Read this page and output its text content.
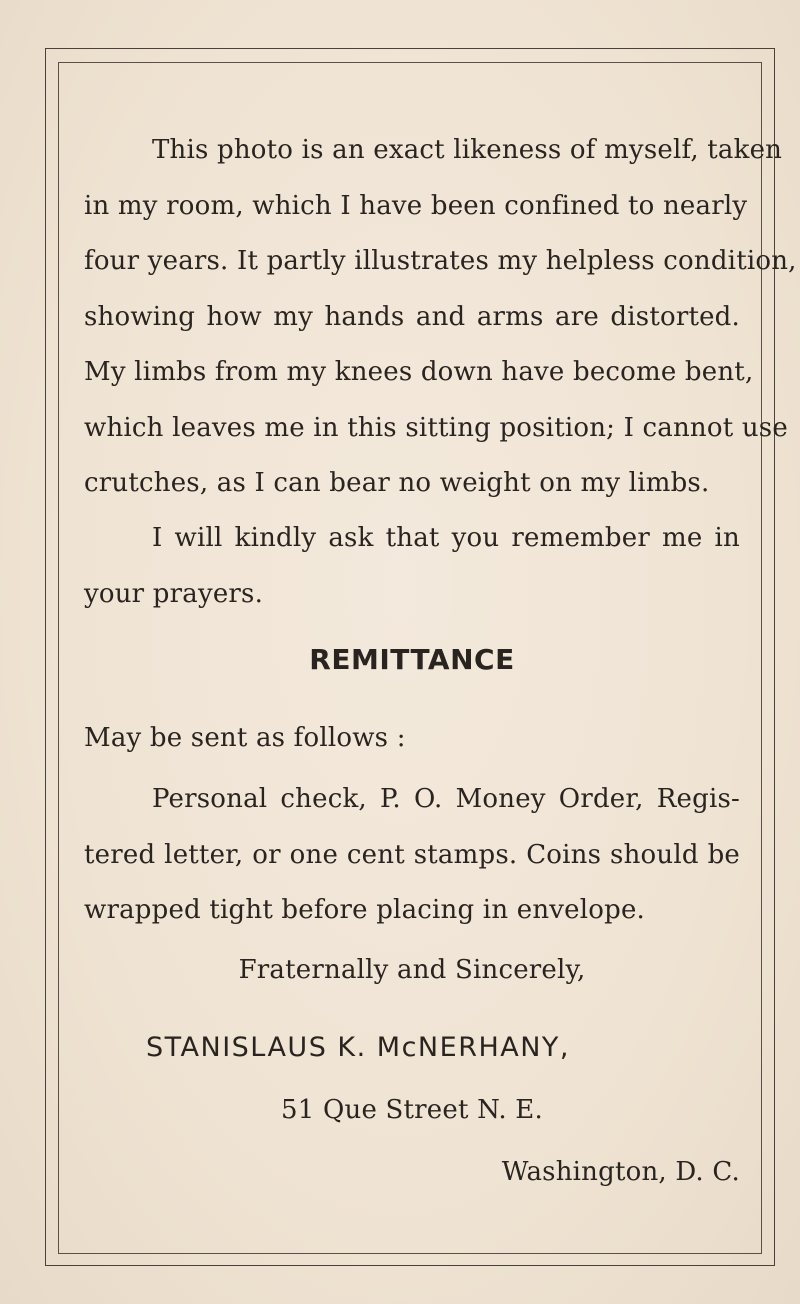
This photo is an exact likeness of myself, taken
in my room, which I have been confined to nearly
four years. It partly illustrates my helpless condition,
showing how my hands and arms are distorted.
My limbs from my knees down have become bent,
which leaves me in this sitting position; I cannot use
crutches, as I can bear no weight on my limbs.
I will kindly ask that you remember me in
your prayers.
REMITTANCE
May be sent as follows :
Personal check, P. O. Money Order, Regis-
tered letter, or one cent stamps. Coins should be
wrapped tight before placing in envelope.
Fraternally and Sincerely,
STANISLAUS K. McNERHANY,
51 Que Street N. E.
Washington, D. C.
